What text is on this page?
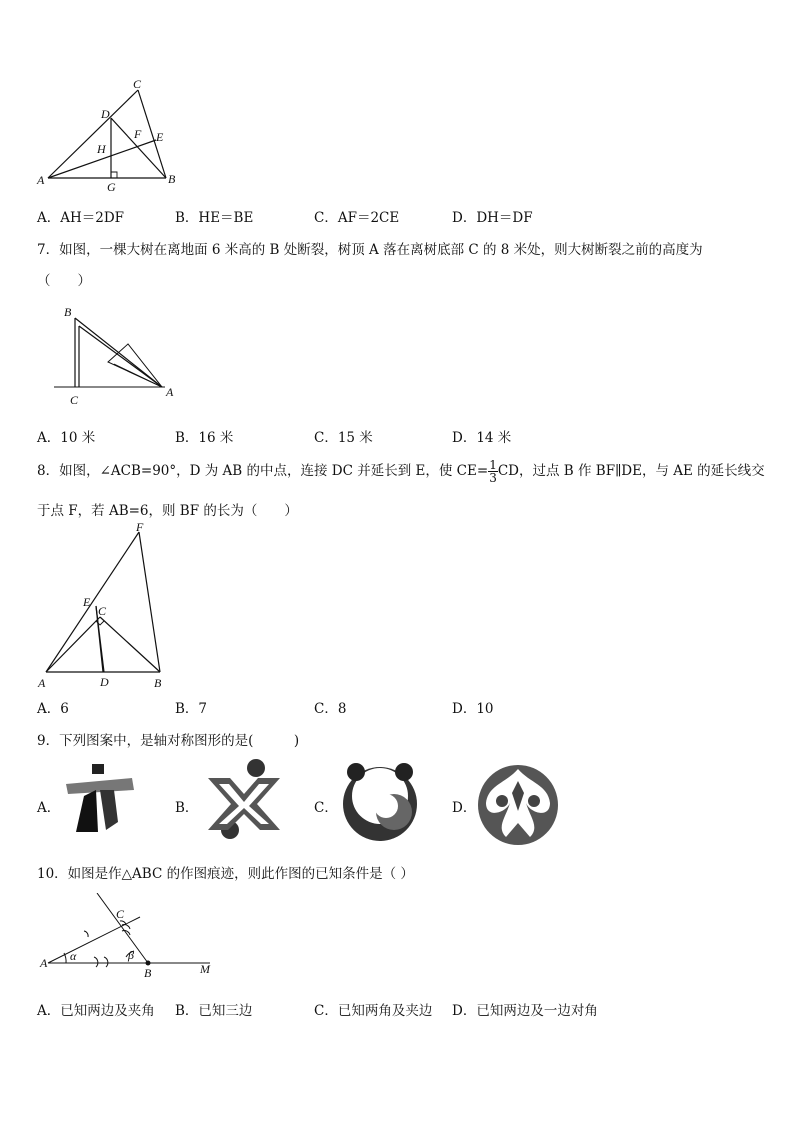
C
D
F E
H
A	G
B
A．AH＝2DF	B．HE＝BE	C．AF＝2CE	D．DH＝DF
7．如图，一棵大树在离地面 6 米高的 B 处断裂，树顶 A 落在离树底部 C 的 8 米处，则大树断裂之前的高度为
（　　）
B
C
A
A．10 米	B．16 米	C．15 米	D．14 米
8．如图，∠ACB=90°，D 为 AB 的中点，连接 DC 并延长到 E，使 $CE= \frac{1}{3}$ CD，过点 B 作 BF∥DE，与 AE 的延长线交
于点 F，若 AB=6，则 BF 的长为（　　）
F
E
C
A	D	B
A．6	B．7	C．8	D．10
9．下列图案中，是轴对称图形的是(　　　)
A．	B．	C．	D．
10．如图是作△ABC 的作图痕迹，则此作图的已知条件是（ ）
A α
C
β
B	M
A．已知两边及夹角 B．已知三边	C．已知两角及夹边 D．已知两边及一边对角
